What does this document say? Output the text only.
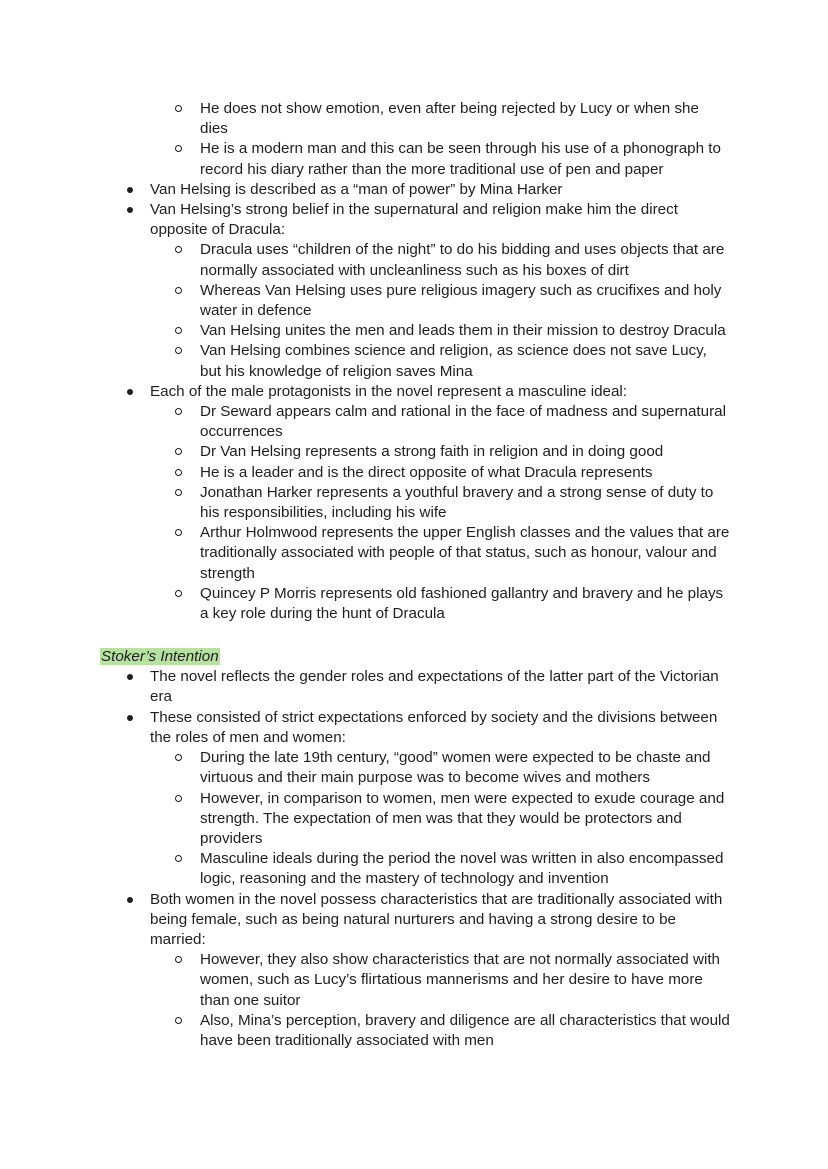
He does not show emotion, even after being rejected by Lucy or when she dies
He is a modern man and this can be seen through his use of a phonograph to record his diary rather than the more traditional use of pen and paper
Van Helsing is described as a “man of power” by Mina Harker
Van Helsing’s strong belief in the supernatural and religion make him the direct opposite of Dracula:
Dracula uses “children of the night” to do his bidding and uses objects that are normally associated with uncleanliness such as his boxes of dirt
Whereas Van Helsing uses pure religious imagery such as crucifixes and holy water in defence
Van Helsing unites the men and leads them in their mission to destroy Dracula
Van Helsing combines science and religion, as science does not save Lucy, but his knowledge of religion saves Mina
Each of the male protagonists in the novel represent a masculine ideal:
Dr Seward appears calm and rational in the face of madness and supernatural occurrences
Dr Van Helsing represents a strong faith in religion and in doing good
He is a leader and is the direct opposite of what Dracula represents
Jonathan Harker represents a youthful bravery and a strong sense of duty to his responsibilities, including his wife
Arthur Holmwood represents the upper English classes and the values that are traditionally associated with people of that status, such as honour, valour and strength
Quincey P Morris represents old fashioned gallantry and bravery and he plays a key role during the hunt of Dracula
Stoker’s Intention
The novel reflects the gender roles and expectations of the latter part of the Victorian era
These consisted of strict expectations enforced by society and the divisions between the roles of men and women:
During the late 19th century, “good” women were expected to be chaste and virtuous and their main purpose was to become wives and mothers
However, in comparison to women, men were expected to exude courage and strength. The expectation of men was that they would be protectors and providers
Masculine ideals during the period the novel was written in also encompassed logic, reasoning and the mastery of technology and invention
Both women in the novel possess characteristics that are traditionally associated with being female, such as being natural nurturers and having a strong desire to be married:
However, they also show characteristics that are not normally associated with women, such as Lucy’s flirtatious mannerisms and her desire to have more than one suitor
Also, Mina’s perception, bravery and diligence are all characteristics that would have been traditionally associated with men
